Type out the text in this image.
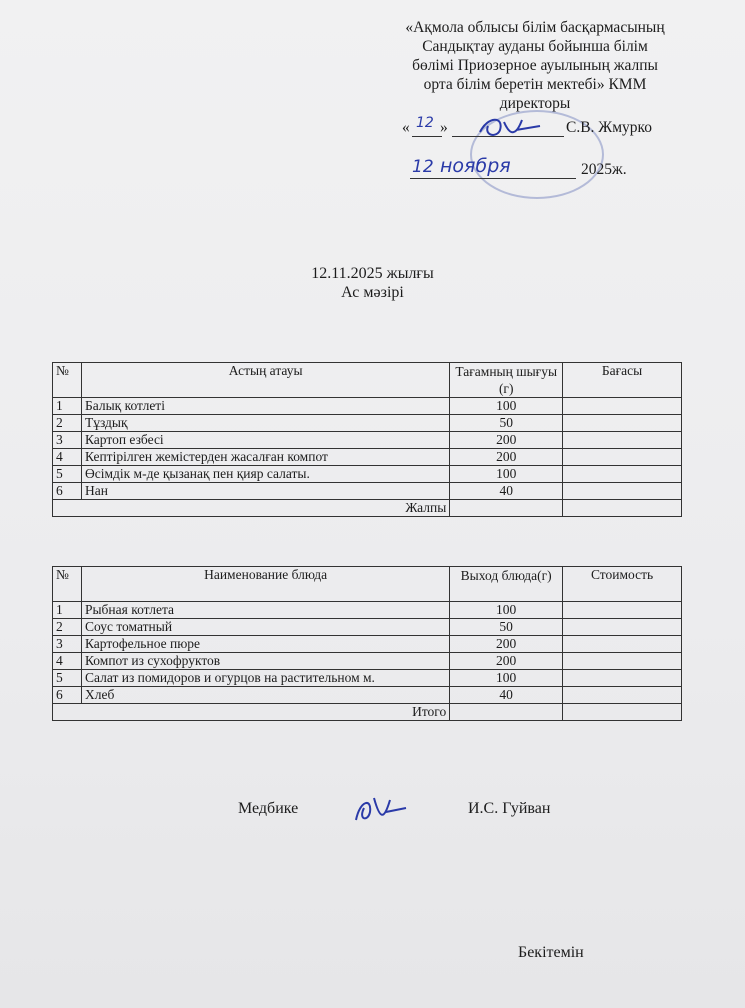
«Ақмола облысы білім басқармасының
Сандықтау ауданы бойынша білім
бөлімі Приозерное ауылының жалпы
орта білім беретін мектебі» КММ
директоры
« 12 »	С.В. Жмурко
12 ноября	2025ж.
12.11.2025 жылғы
Ас мәзірі
№	Астың атауы	Тағамның шығуы (г)	Бағасы
1	Балық котлеті	100	
2	Тұздық	50	
3	Картоп езбесі	200	
4	Кептірілген жемістерден жасалған компот	200	
5	Өсімдік м-де қызанақ пен қияр салаты.	100	
6	Нан	40	
Жалпы			
№	Наименование блюда	Выход блюда(г)	Стоимость
1	Рыбная котлета	100	
2	Соус томатный	50	
3	Картофельное пюре	200	
4	Компот из сухофруктов	200	
5	Салат из помидоров и огурцов на растительном м.	100	
6	Хлеб	40	
Итого			
Медбике	И.С. Гуйван
Бекітемін
